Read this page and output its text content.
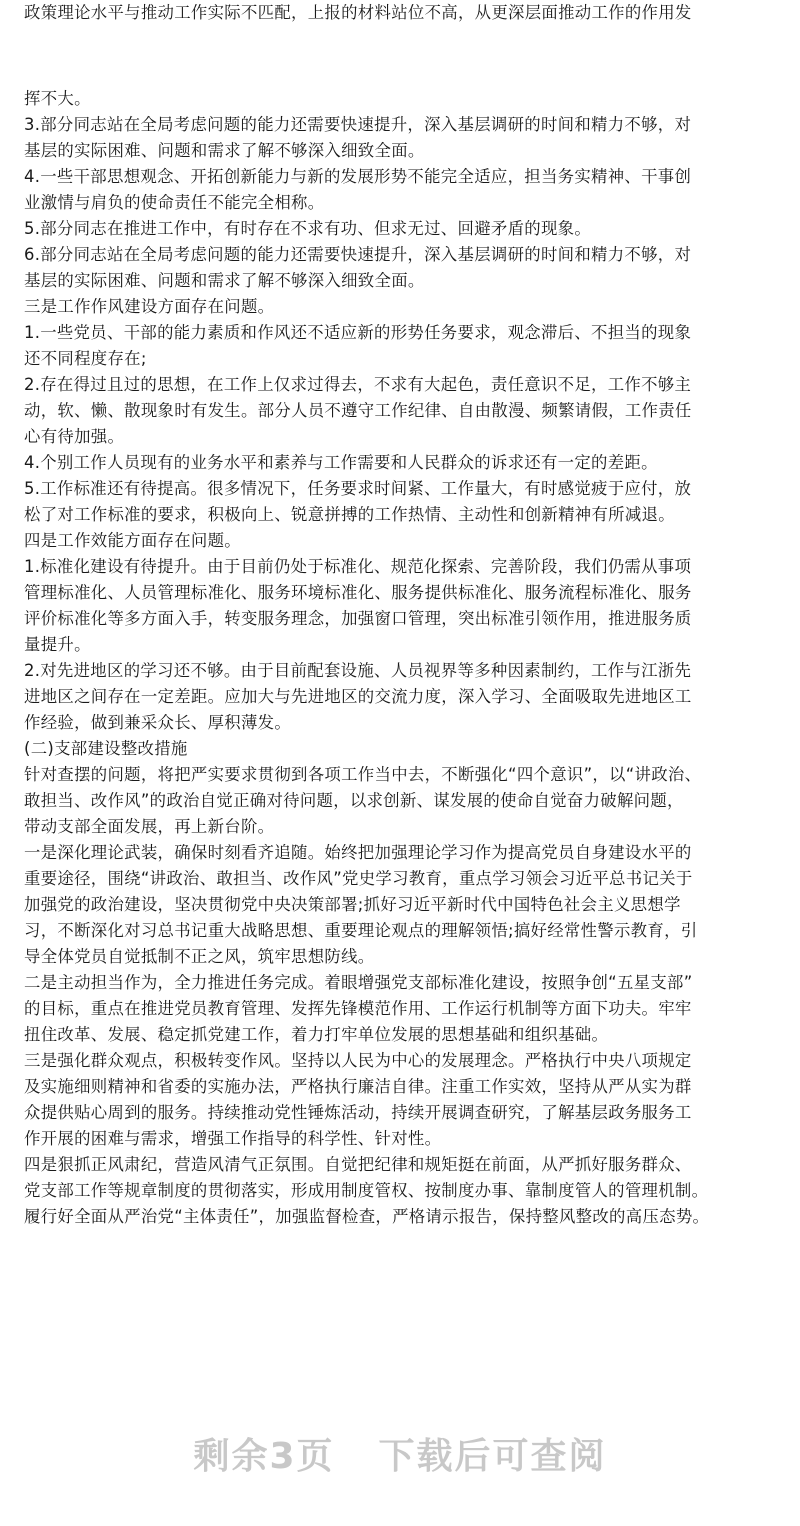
政策理论水平与推动工作实际不匹配，上报的材料站位不高，从更深层面推动工作的作用发

挥不大。

3.部分同志站在全局考虑问题的能力还需要快速提升，深入基层调研的时间和精力不够，对

基层的实际困难、问题和需求了解不够深入细致全面。

4.一些干部思想观念、开拓创新能力与新的发展形势不能完全适应，担当务实精神、干事创

业激情与肩负的使命责任不能完全相称。

5.部分同志在推进工作中，有时存在不求有功、但求无过、回避矛盾的现象。

6.部分同志站在全局考虑问题的能力还需要快速提升，深入基层调研的时间和精力不够，对

基层的实际困难、问题和需求了解不够深入细致全面。

三是工作作风建设方面存在问题。

1.一些党员、干部的能力素质和作风还不适应新的形势任务要求，观念滞后、不担当的现象

还不同程度存在;

2.存在得过且过的思想，在工作上仅求过得去，不求有大起色，责任意识不足，工作不够主

动，软、懒、散现象时有发生。部分人员不遵守工作纪律、自由散漫、频繁请假，工作责任

心有待加强。

4.个别工作人员现有的业务水平和素养与工作需要和人民群众的诉求还有一定的差距。

5.工作标准还有待提高。很多情况下，任务要求时间紧、工作量大，有时感觉疲于应付，放

松了对工作标准的要求，积极向上、锐意拼搏的工作热情、主动性和创新精神有所减退。

四是工作效能方面存在问题。

1.标准化建设有待提升。由于目前仍处于标准化、规范化探索、完善阶段，我们仍需从事项

管理标准化、人员管理标准化、服务环境标准化、服务提供标准化、服务流程标准化、服务

评价标准化等多方面入手，转变服务理念，加强窗口管理，突出标准引领作用，推进服务质

量提升。

2.对先进地区的学习还不够。由于目前配套设施、人员视界等多种因素制约，工作与江浙先

进地区之间存在一定差距。应加大与先进地区的交流力度，深入学习、全面吸取先进地区工

作经验，做到兼采众长、厚积薄发。

(二)支部建设整改措施

针对查摆的问题，将把严实要求贯彻到各项工作当中去，不断强化“四个意识”，以“讲政治、

敢担当、改作风”的政治自觉正确对待问题，以求创新、谋发展的使命自觉奋力破解问题，

带动支部全面发展，再上新台阶。

一是深化理论武装，确保时刻看齐追随。始终把加强理论学习作为提高党员自身建设水平的

重要途径，围绕“讲政治、敢担当、改作风”党史学习教育，重点学习领会习近平总书记关于

加强党的政治建设，坚决贯彻党中央决策部署;抓好习近平新时代中国特色社会主义思想学

习，不断深化对习总书记重大战略思想、重要理论观点的理解领悟;搞好经常性警示教育，引

导全体党员自觉抵制不正之风，筑牢思想防线。

二是主动担当作为，全力推进任务完成。着眼增强党支部标准化建设，按照争创“五星支部”

的目标，重点在推进党员教育管理、发挥先锋模范作用、工作运行机制等方面下功夫。牢牢

扭住改革、发展、稳定抓党建工作，着力打牢单位发展的思想基础和组织基础。

三是强化群众观点，积极转变作风。坚持以人民为中心的发展理念。严格执行中央八项规定

及实施细则精神和省委的实施办法，严格执行廉洁自律。注重工作实效，坚持从严从实为群

众提供贴心周到的服务。持续推动党性锤炼活动，持续开展调查研究，了解基层政务服务工

作开展的困难与需求，增强工作指导的科学性、针对性。

四是狠抓正风肃纪，营造风清气正氛围。自觉把纪律和规矩挺在前面，从严抓好服务群众、

党支部工作等规章制度的贯彻落实，形成用制度管权、按制度办事、靠制度管人的管理机制。

履行好全面从严治党“主体责任”，加强监督检查，严格请示报告，保持整风整改的高压态势。

剩余3页 下载后可查阅
